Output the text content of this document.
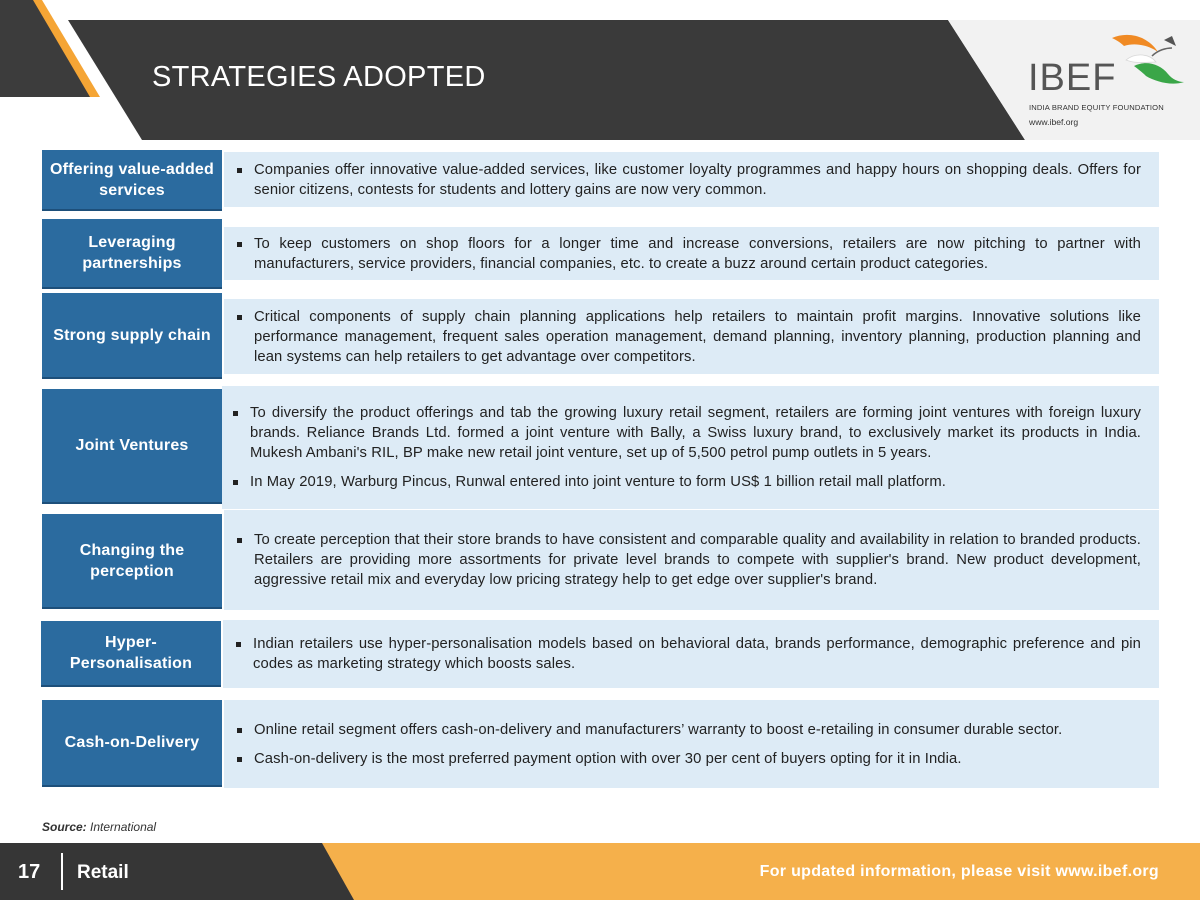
STRATEGIES ADOPTED	IBEF
INDIA BRAND EQUITY FOUNDATION
www.ibef.org
Offering value-added services
Companies offer innovative value-added services, like customer loyalty programmes and happy hours on shopping deals. Offers for senior citizens, contests for students and lottery gains are now very common.
Leveraging partnerships
To keep customers on shop floors for a longer time and increase conversions, retailers are now pitching to partner with manufacturers, service providers, financial companies, etc. to create a buzz around certain product categories.
Strong supply chain
Critical components of supply chain planning applications help retailers to maintain profit margins. Innovative solutions like performance management, frequent sales operation management, demand planning, inventory planning, production planning and lean systems can help retailers to get advantage over competitors.
Joint Ventures
To diversify the product offerings and tab the growing luxury retail segment, retailers are forming joint ventures with foreign luxury brands. Reliance Brands Ltd. formed a joint venture with Bally, a Swiss luxury brand, to exclusively market its products in India. Mukesh Ambani's RIL, BP make new retail joint venture, set up of 5,500 petrol pump outlets in 5 years.
In May 2019, Warburg Pincus, Runwal entered into joint venture to form US$ 1 billion retail mall platform.
Changing the perception
To create perception that their store brands to have consistent and comparable quality and availability in relation to branded products. Retailers are providing more assortments for private level brands to compete with supplier's brand. New product development, aggressive retail mix and everyday low pricing strategy help to get edge over supplier's brand.
Hyper-Personalisation
Indian retailers use hyper-personalisation models based on behavioral data, brands performance, demographic preference and pin codes as marketing strategy which boosts sales.
Cash-on-Delivery
Online retail segment offers cash-on-delivery and manufacturers’ warranty to boost e-retailing in consumer durable sector.
Cash-on-delivery is the most preferred payment option with over 30 per cent of buyers opting for it in India.
Source: International
17 Retail	For updated information, please visit www.ibef.org
